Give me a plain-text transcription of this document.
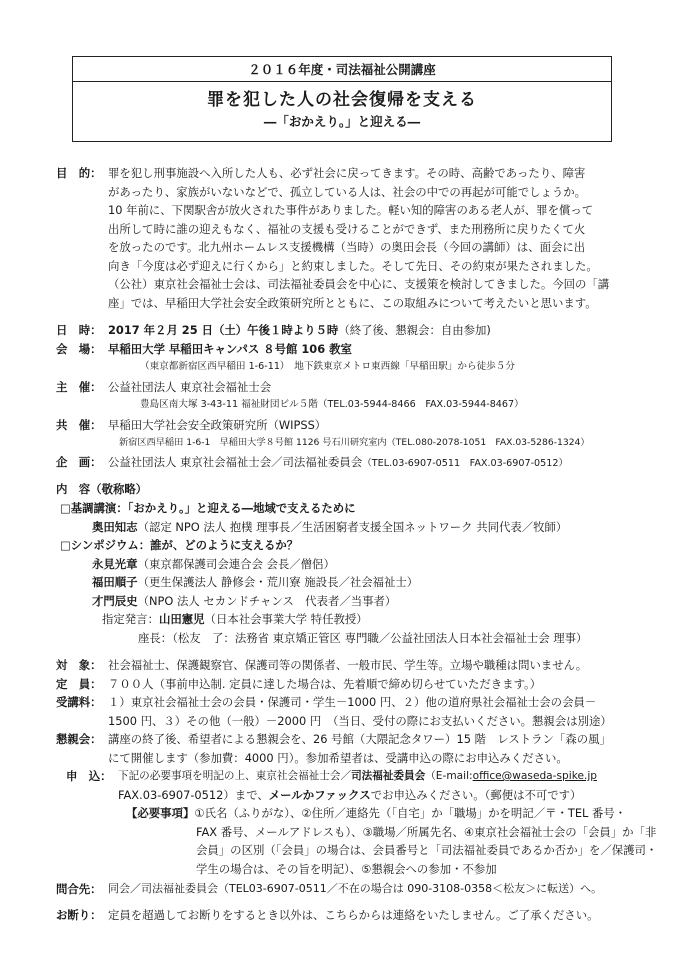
２０１６年度・司法福祉公開講座
罪を犯した人の社会復帰を支える
―「おかえり。」と迎える―
目　的： 罪を犯し刑事施設へ入所した人も、必ず社会に戻ってきます。その時、高齢であったり、障害
があったり、家族がいないなどで、孤立している人は、社会の中での再起が可能でしょうか。
10 年前に、下関駅舎が放火された事件がありました。軽い知的障害のある老人が、罪を償って
出所して時に誰の迎えもなく、福祉の支援も受けることができず、また刑務所に戻りたくて火
を放ったのです。北九州ホームレス支援機構（当時）の奥田会長（今回の講師）は、面会に出
向き「今度は必ず迎えに行くから」と約束しました。そして先日、その約束が果たされました。
（公社）東京社会福祉士会は、司法福祉委員会を中心に、支援策を検討してきました。今回の「講
座」では、早稲田大学社会安全政策研究所とともに、この取組みについて考えたいと思います。
日　時： 2017 年２月 25 日（土）午後１時より５時（終了後、懇親会：自由参加)
会　場： 早稲田大学 早稲田キャンパス ８号館 106 教室
（東京都新宿区西早稲田 1-6-11）　地下鉄東京メトロ東西線「早稲田駅」から徒歩５分
主　催： 公益社団法人 東京社会福祉士会
豊島区南大塚 3-43-11 福祉財団ビル５階（TEL.03-5944-8466　FAX.03-5944-8467）
共　催： 早稲田大学社会安全政策研究所（WIPSS）
新宿区西早稲田 1-6-1　早稲田大学８号館 1126 号石川研究室内（TEL.080-2078-1051　FAX.03-5286-1324）
企　画： 公益社団法人 東京社会福祉士会／司法福祉委員会（TEL.03-6907-0511　FAX.03-6907-0512）
内　容（敬称略）
□基調講演：「おかえり。」と迎える―地域で支えるために
奥田知志（認定 NPO 法人 抱樸 理事長／生活困窮者支援全国ネットワーク 共同代表／牧師）
□シンポジウム：誰が、どのように支えるか？
永見光章（東京都保護司会連合会 会長／僧侶）
福田順子（更生保護法人 静修会・荒川寮 施設長／社会福祉士）
才門辰史（NPO 法人 セカンドチャンス　代表者／当事者）
指定発言：山田憲児（日本社会事業大学 特任教授）
座長：（松友　了：法務省 東京矯正管区 専門職／公益社団法人日本社会福祉士会 理事）
対　象： 社会福祉士、保護観察官、保護司等の関係者、一般市民、学生等。立場や職種は問いません。
定　員： ７００人（事前申込制. 定員に達した場合は、先着順で締め切らせていただきます。）
受講料： １）東京社会福祉士会の会員・保護司・学生－1000 円、２）他の道府県社会福祉士会の会員－
1500 円、３）その他（一般）－2000 円　（当日、受付の際にお支払いください。懇親会は別途）
懇親会： 講座の終了後、希望者による懇親会を、26 号館（大隈記念タワー）15 階　レストラン「森の風」
にて開催します（参加費：4000 円）。参加希望者は、受講申込の際にお申込みください。
申　込： 下記の必要事項を明記の上、東京社会福祉士会／司法福祉委員会（E-mail:office@waseda-spike.jp
FAX.03-6907-0512）まで、メールかファックスでお申込みください。（郵便は不可です）
【必要事項】①氏名（ふりがな）、②住所／連絡先（「自宅」か「職場」かを明記／〒・TEL 番号・
FAX 番号、メールアドレスも）、③職場／所属先名、④東京社会福祉士会の「会員」か「非
会員」の区別（「会員」の場合は、会員番号と「司法福祉委員であるか否か」を／保護司・
学生の場合は、その旨を明記）、⑤懇親会への参加・不参加
問合先： 同会／司法福祉委員会（TEL03-6907-0511／不在の場合は 090-3108-0358＜松友＞に転送）へ。
お断り： 定員を超過してお断りをするとき以外は、こちらからは連絡をいたしません。ご了承ください。
